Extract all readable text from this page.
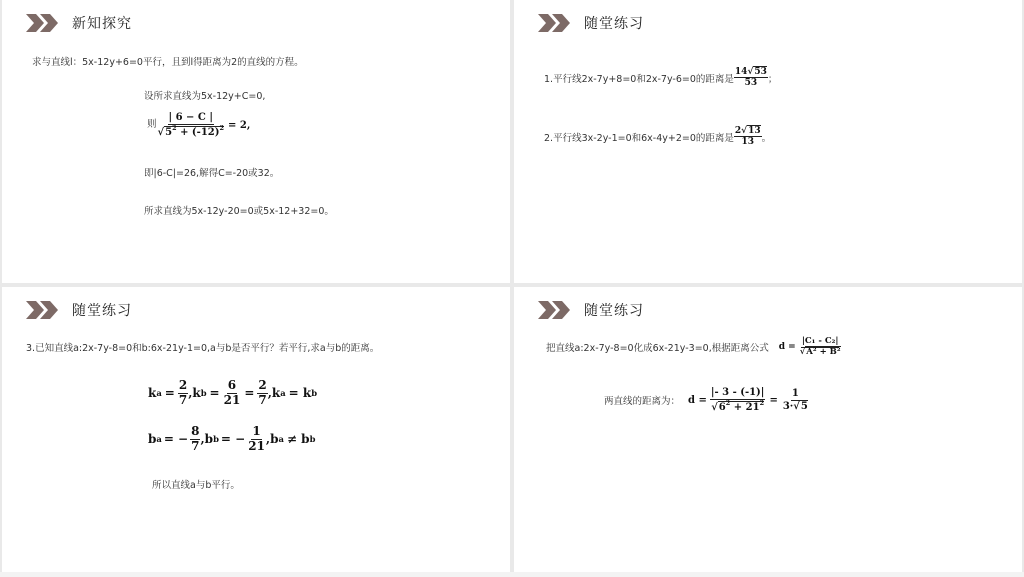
新知探究
求与直线l：5x-12y+6=0平行，且到l得距离为2的直线的方程。
设所求直线为5x-12y+C=0,
则 $\frac{| 6 - C |}{√5^2 + (-12)^2} = 2$,
即|6-C|=26,解得C=-20或32。
所求直线为5x-12y-20=0或5x-12+32=0。
随堂练习
1.平行线2x-7y+8=0和2x-7y-6=0的距离是 $\frac{14√53}{53}$ ；
2.平行线3x-2y-1=0和6x-4y+2=0的距离是 $\frac{2√13}{13}$ 。
随堂练习
3.已知直线a:2x-7y-8=0和b:6x-21y-1=0,a与b是否平行？若平行,求a与b的距离。
k $a = \frac{2}{7} ,k$ $b = \frac{6}{21} = \frac{2}{7} ,k$ a = k b
b a = − $\frac{8}{7} ,b$ b = − $\frac{1}{21} ,b$ a ≠ b b
所以直线a与b平行。
随堂练习
把直线a:2x-7y-8=0化成6x-21y-3=0,根据距离公式 $d = \frac{\text{|C₁ - C₂|}}{\text{√A² + B²}}$
两直线的距离为： $d = \frac{|- 3 - (-1)|}{√6^2 + 21^2} = \frac{1}{3\cdot√5}$
